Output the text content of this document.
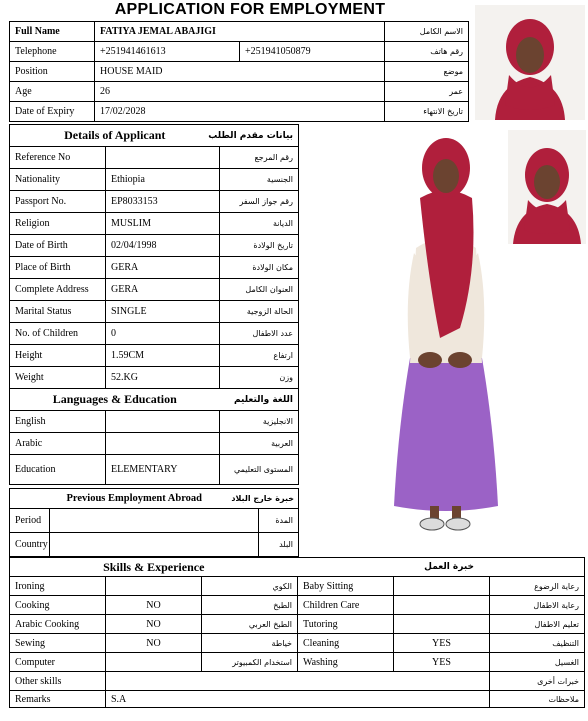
APPLICATION FOR EMPLOYMENT
Full Name	FATIYA JEMAL ABAJIGI		الاسم الكامل
Telephone	+251941461613	+251941050879	رقم هاتف
Position	HOUSE MAID		موضع
Age	26		عمر
Date of Expiry	17/02/2028		تاريخ الانتهاء
Details of Applicant		بيانات مقدم الطلب
Reference No		رقم المرجع
Nationality	Ethiopia	الجنسية
Passport No.	EP8033153	رقم جواز السفر
Religion	MUSLIM	الديانة
Date of Birth	02/04/1998	تاريخ الولادة
Place of Birth	GERA	مكان الولادة
Complete Address	GERA	العنوان الكامل
Marital Status	SINGLE	الحالة الزوجية
No. of Children	0	عدد الاطفال
Height	1.59CM	ارتفاع
Weight	52.KG	وزن
Languages & Education		اللغة والتعليم
English		الانجليزية
Arabic		العربية
Education	ELEMENTARY	المستوى التعليمي
Previous Employment Abroad		خبرة خارج البلاد

Period		المدة
Country		البلد
Skills & Experience			خبرة العمل		
Ironing		الكوي	Baby Sitting		رعاية الرضوع
Cooking	NO	الطبخ	Children Care		رعاية الاطفال
Arabic Cooking	NO	الطبخ العربي	Tutoring		تعليم الاطفال
Sewing	NO	خياطة	Cleaning	YES	التنظيف
Computer		استخدام الكمبيوتر	Washing	YES	الغسيل
Other skills					خبرات أخرى
Remarks	S.A				ملاحظات
